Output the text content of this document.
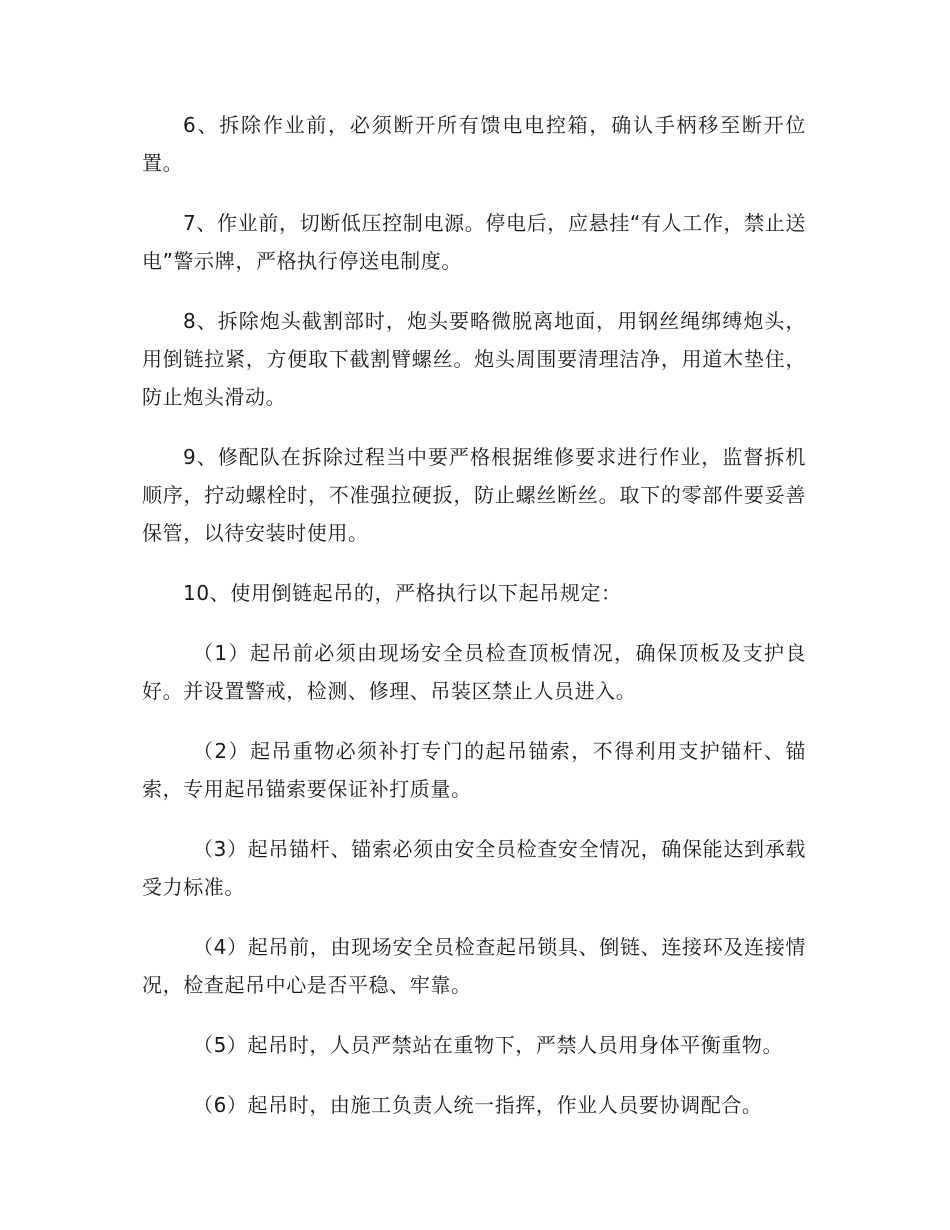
6、拆除作业前，必须断开所有馈电电控箱，确认手柄移至断开位置。

7、作业前，切断低压控制电源。停电后，应悬挂“有人工作，禁止送电”警示牌，严格执行停送电制度。

8、拆除炮头截割部时，炮头要略微脱离地面，用钢丝绳绑缚炮头，用倒链拉紧，方便取下截割臂螺丝。炮头周围要清理洁净，用道木垫住，防止炮头滑动。

9、修配队在拆除过程当中要严格根据维修要求进行作业，监督拆机顺序，拧动螺栓时，不准强拉硬扳，防止螺丝断丝。取下的零部件要妥善保管，以待安装时使用。

10、使用倒链起吊的，严格执行以下起吊规定：

（1）起吊前必须由现场安全员检查顶板情况，确保顶板及支护良好。并设置警戒，检测、修理、吊装区禁止人员进入。

（2）起吊重物必须补打专门的起吊锚索，不得利用支护锚杆、锚索，专用起吊锚索要保证补打质量。

（3）起吊锚杆、锚索必须由安全员检查安全情况，确保能达到承载受力标准。

（4）起吊前，由现场安全员检查起吊锁具、倒链、连接环及连接情况，检查起吊中心是否平稳、牢靠。

（5）起吊时，人员严禁站在重物下，严禁人员用身体平衡重物。

（6）起吊时，由施工负责人统一指挥，作业人员要协调配合。
